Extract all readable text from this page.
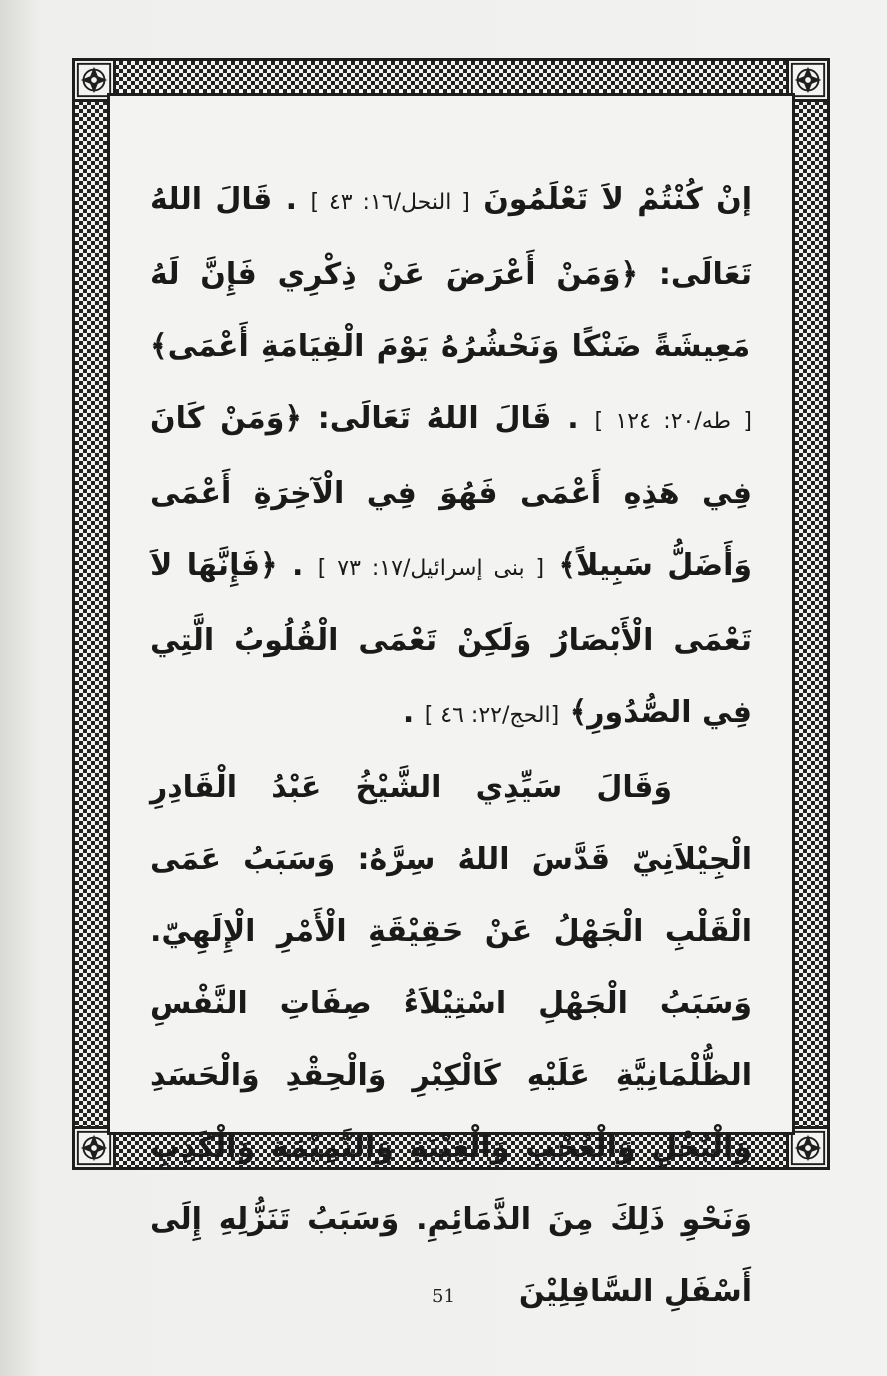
إنْ كُنْتُمْ لاَ تَعْلَمُونَ [ النحل/١٦: ٤٣ ] . قَالَ اللهُ تَعَالَى: ﴿وَمَنْ أَعْرَضَ عَنْ ذِكْرِي فَإِنَّ لَهُ مَعِيشَةً ضَنْكًا وَنَحْشُرُهُ يَوْمَ الْقِيَامَةِ أَعْمَى﴾ [ طه/٢٠: ١٢٤ ] . قَالَ اللهُ تَعَالَى: ﴿وَمَنْ كَانَ فِي هَذِهِ أَعْمَى فَهُوَ فِي الْآخِرَةِ أَعْمَى وَأَضَلُّ سَبِيلاً﴾ [ بنى إسرائيل/١٧: ٧٣ ] . ﴿فَإِنَّهَا لاَ تَعْمَى الْأَبْصَارُ وَلَكِنْ تَعْمَى الْقُلُوبُ الَّتِي فِي الصُّدُورِ﴾ [الحج/٢٢: ٤٦ ] .

وَقَالَ سَيِّدِي الشَّيْخُ عَبْدُ الْقَادِرِ الْجِيْلاَنِيّ قَدَّسَ اللهُ سِرَّهُ: وَسَبَبُ عَمَى الْقَلْبِ الْجَهْلُ عَنْ حَقِيْقَةِ الْأَمْرِ الْإِلَهِيّ. وَسَبَبُ الْجَهْلِ اسْتِيْلاَءُ صِفَاتِ النَّفْسِ الظُّلْمَانِيَّةِ عَلَيْهِ كَالْكِبْرِ وَالْحِقْدِ وَالْحَسَدِ وَالْبُخْلِ وَالْعُجْبِ وَالْغِيْبَةِ وَالنَّمِيْمَةِ وَالْكَذِبِ وَنَحْوِ ذَلِكَ مِنَ الذَّمَائِمِ. وَسَبَبُ تَنَزُّلِهِ إِلَى أَسْفَلِ السَّافِلِيْنَ

51
